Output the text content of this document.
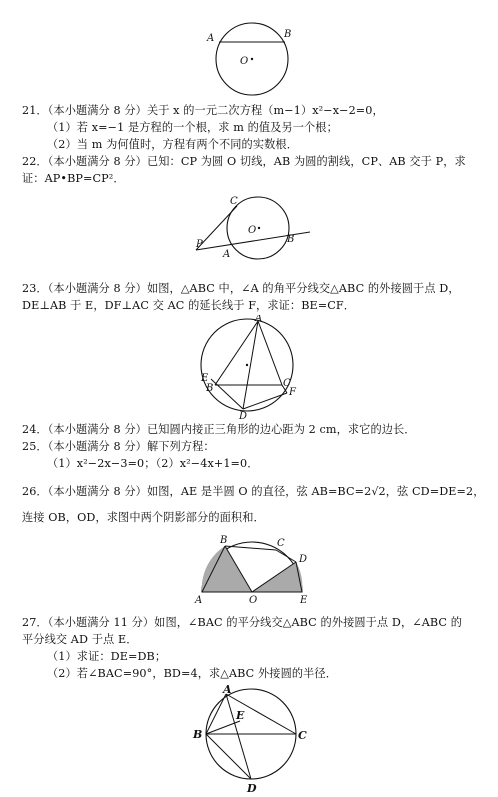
A	B
O
21．（本小题满分 8 分）关于 x 的一元二次方程（m−1）x²−x−2=0，
（1）若 x=−1 是方程的一个根，求 m 的值及另一个根；
（2）当 m 为何值时，方程有两个不同的实数根．
22．（本小题满分 8 分）已知：CP 为圆 O 切线，AB 为圆的割线，CP、AB 交于 P，求
证：AP•BP=CP²．
C
O
P
A
B
23．（本小题满分 8 分）如图，△ABC 中，∠A 的角平分线交△ABC 的外接圆于点 D，
DE⊥AB 于 E，DF⊥AC 交 AC 的延长线于 F，求证：BE=CF．
A
E
B	C
F
D
24．（本小题满分 8 分）已知圆内接正三角形的边心距为 2 cm，求它的边长．
25．（本小题满分 8 分）解下列方程：
（1）x²−2x−3=0；（2）x²−4x+1=0．
26．（本小题满分 8 分）如图，AE 是半圆 O 的直径，弦 AB=BC=2√2，弦 CD=DE=2，
连接 OB，OD，求图中两个阴影部分的面积和．
B	C
D
A	O	E
27．（本小题满分 11 分）如图，∠BAC 的平分线交△ABC 的外接圆于点 D，∠ABC 的
平分线交 AD 于点 E．
（1）求证：DE=DB；
（2）若∠BAC=90°，BD=4，求△ABC 外接圆的半径．
A
E
B	C
D
